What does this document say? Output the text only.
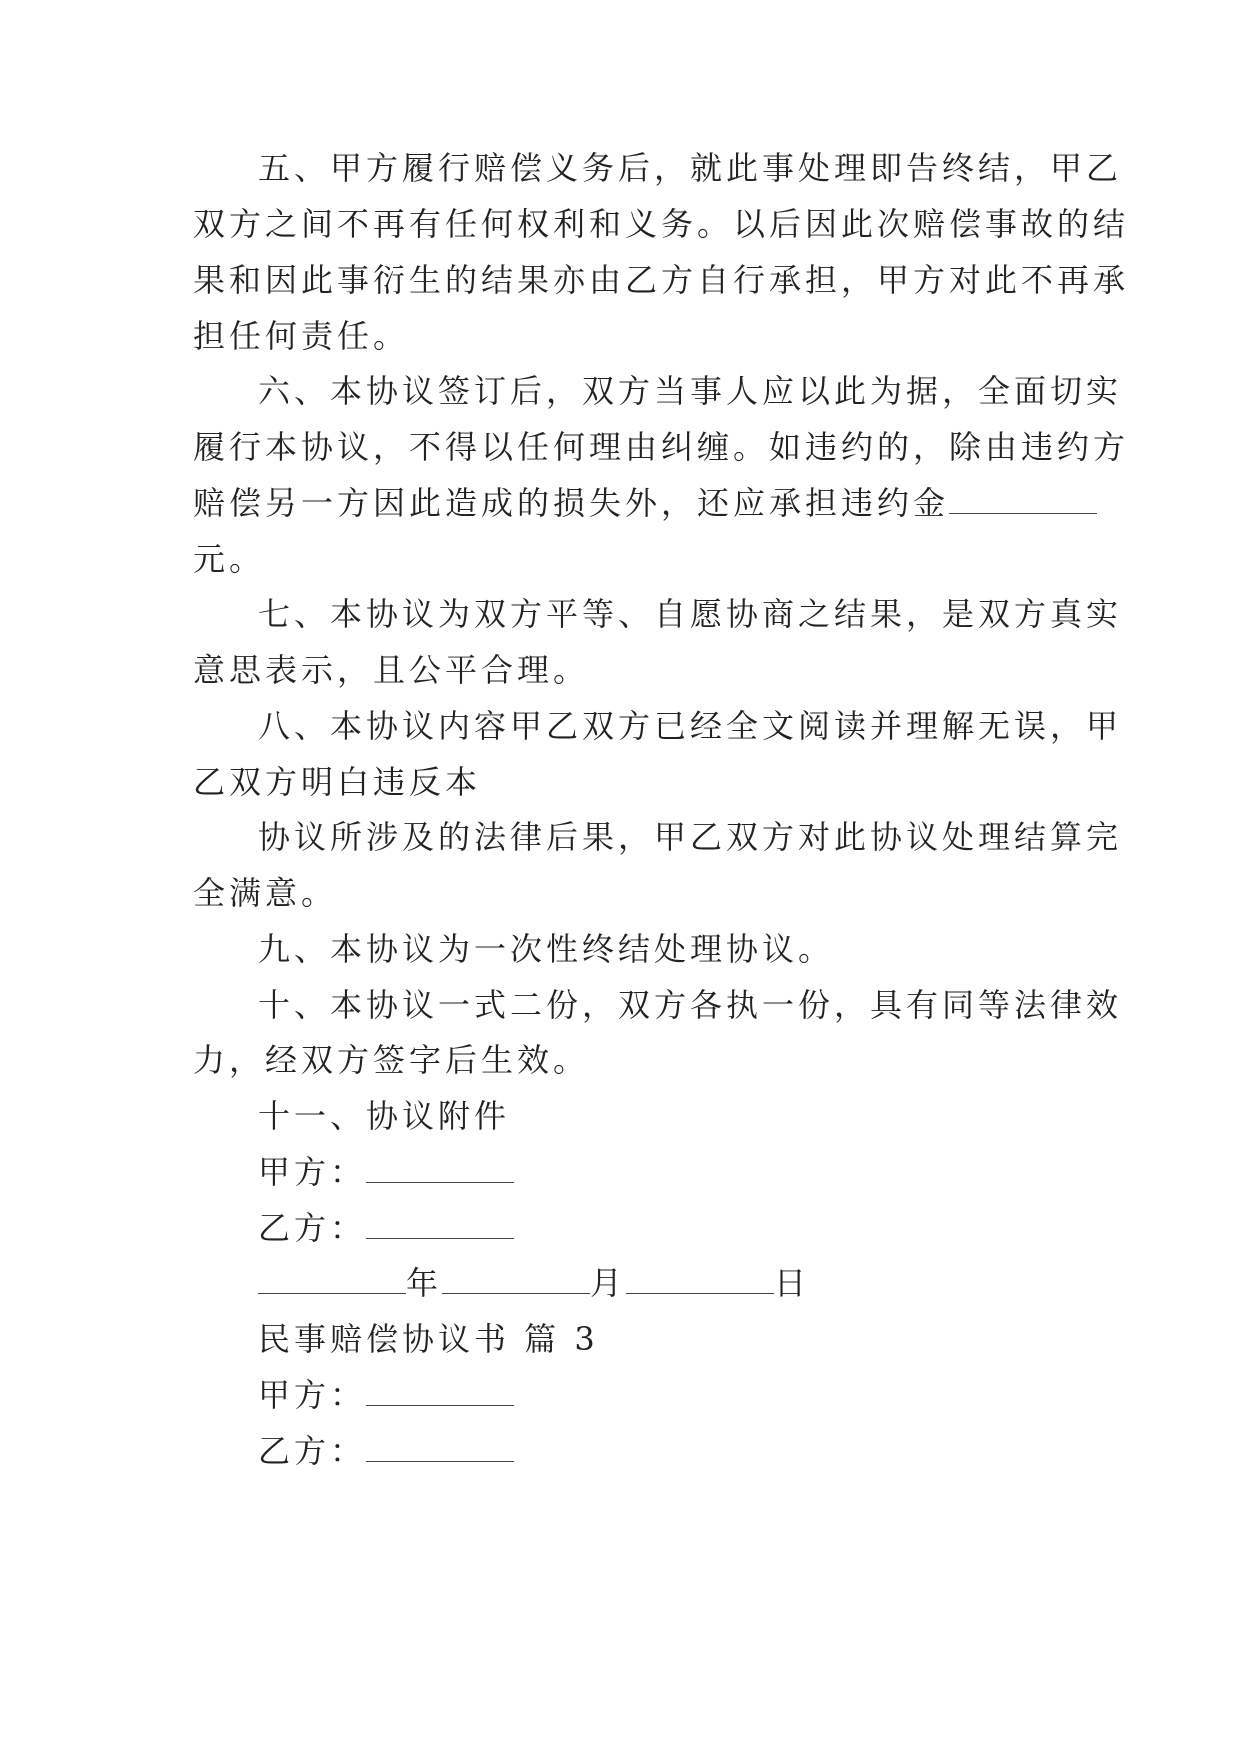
五、甲方履行赔偿义务后，就此事处理即告终结，甲乙

双方之间不再有任何权利和义务。以后因此次赔偿事故的结

果和因此事衍生的结果亦由乙方自行承担，甲方对此不再承

担任何责任。

六、本协议签订后，双方当事人应以此为据，全面切实

履行本协议，不得以任何理由纠缠。如违约的，除由违约方

赔偿另一方因此造成的损失外，还应承担违约金

元。

七、本协议为双方平等、自愿协商之结果，是双方真实

意思表示，且公平合理。

八、本协议内容甲乙双方已经全文阅读并理解无误，甲

乙双方明白违反本

协议所涉及的法律后果，甲乙双方对此协议处理结算完

全满意。

九、本协议为一次性终结处理协议。

十、本协议一式二份，双方各执一份，具有同等法律效

力，经双方签字后生效。

十一、协议附件

甲方：

乙方：

年	月	日

民事赔偿协议书 篇 3

甲方：

乙方：
